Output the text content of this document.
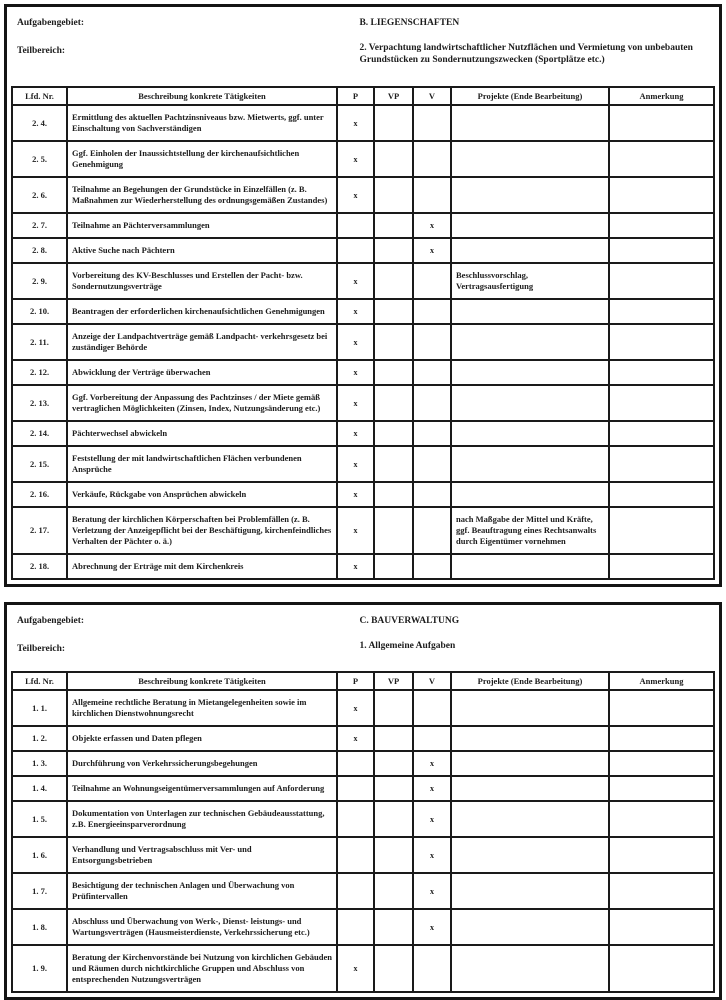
Aufgabengebiet:
Teilbereich:
B. LIEGENSCHAFTEN
2. Verpachtung landwirtschaftlicher Nutzflächen und Vermietung von unbebauten Grundstücken zu Sondernutzungszwecken (Sportplätze etc.)
Lfd. Nr.	Beschreibung konkrete Tätigkeiten	P	VP	V	Projekte (Ende Bearbeitung)	Anmerkung
2. 4.	Ermittlung des aktuellen Pachtzinsniveaus bzw. Mietwerts, ggf. unter Einschaltung von Sachverständigen	x				
2. 5.	Ggf. Einholen der Inaussichtstellung der kirchenaufsichtlichen Genehmigung	x				
2. 6.	Teilnahme an Begehungen der Grundstücke in Einzelfällen (z. B. Maßnahmen zur Wiederherstellung des ordnungsgemäßen Zustandes)	x				
2. 7.	Teilnahme an Pächterversammlungen			x		
2. 8.	Aktive Suche nach Pächtern			x		
2. 9.	Vorbereitung des KV-Beschlusses und Erstellen der Pacht- bzw. Sondernutzungsverträge	x			Beschlussvorschlag, Vertragsausfertigung	
2. 10.	Beantragen der erforderlichen kirchenaufsichtlichen Genehmigungen	x				
2. 11.	Anzeige der Landpachtverträge gemäß Landpacht- verkehrsgesetz bei zuständiger Behörde	x				
2. 12.	Abwicklung der Verträge überwachen	x				
2. 13.	Ggf. Vorbereitung der Anpassung des Pachtzinses / der Miete gemäß vertraglichen Möglichkeiten (Zinsen, Index, Nutzungsänderung etc.)	x				
2. 14.	Pächterwechsel abwickeln	x				
2. 15.	Feststellung der mit landwirtschaftlichen Flächen verbundenen Ansprüche	x				
2. 16.	Verkäufe, Rückgabe von Ansprüchen abwickeln	x				
2. 17.	Beratung der kirchlichen Körperschaften bei Problemfällen (z. B. Verletzung der Anzeigepflicht bei der Beschäftigung, kirchenfeindliches Verhalten der Pächter o. ä.)	x			nach Maßgabe der Mittel und Kräfte, ggf. Beauftragung eines Rechtsanwalts durch Eigentümer vornehmen	
2. 18.	Abrechnung der Erträge mit dem Kirchenkreis	x				
Aufgabengebiet:
Teilbereich:
C. BAUVERWALTUNG
1. Allgemeine Aufgaben
Lfd. Nr.	Beschreibung konkrete Tätigkeiten	P	VP	V	Projekte (Ende Bearbeitung)	Anmerkung
1. 1.	Allgemeine rechtliche Beratung in Mietangelegenheiten sowie im kirchlichen Dienstwohnungsrecht	x				
1. 2.	Objekte erfassen und Daten pflegen	x				
1. 3.	Durchführung von Verkehrssicherungsbegehungen			x		
1. 4.	Teilnahme an Wohnungseigentümerversammlungen auf Anforderung			x		
1. 5.	Dokumentation von Unterlagen zur technischen Gebäudeausstattung, z.B. Energieeinsparverordnung			x		
1. 6.	Verhandlung und Vertragsabschluss mit Ver- und Entsorgungsbetrieben			x		
1. 7.	Besichtigung der technischen Anlagen und Überwachung von Prüfintervallen			x		
1. 8.	Abschluss und Überwachung von Werk-, Dienst- leistungs- und Wartungsverträgen (Hausmeisterdienste, Verkehrssicherung etc.)			x		
1. 9.	Beratung der Kirchenvorstände bei Nutzung von kirchlichen Gebäuden und Räumen durch nichtkirchliche Gruppen und Abschluss von entsprechenden Nutzungsverträgen	x				
